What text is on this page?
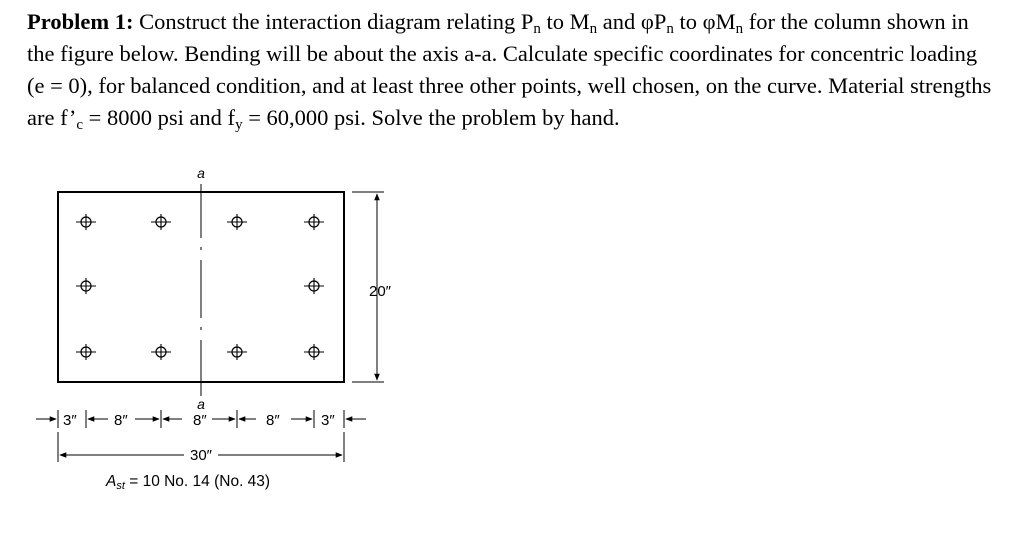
Problem 1: Construct the interaction diagram relating $P_n$ to $M_n$ and $\varphi P_n$ to $\varphi M_n$ for the column shown in the figure below. Bending will be about the axis a-a. Calculate specific coordinates for concentric loading (e = 0), for balanced condition, and at least three other points, well chosen, on the curve. Material strengths are $f’_c = 8000$ psi and $f_y = 60,000$ psi. Solve the problem by hand.
a
a
20″
3″ 8″	8″	8″	3″
30″
$A_{st} = 10$ No. 14 (No. 43)
